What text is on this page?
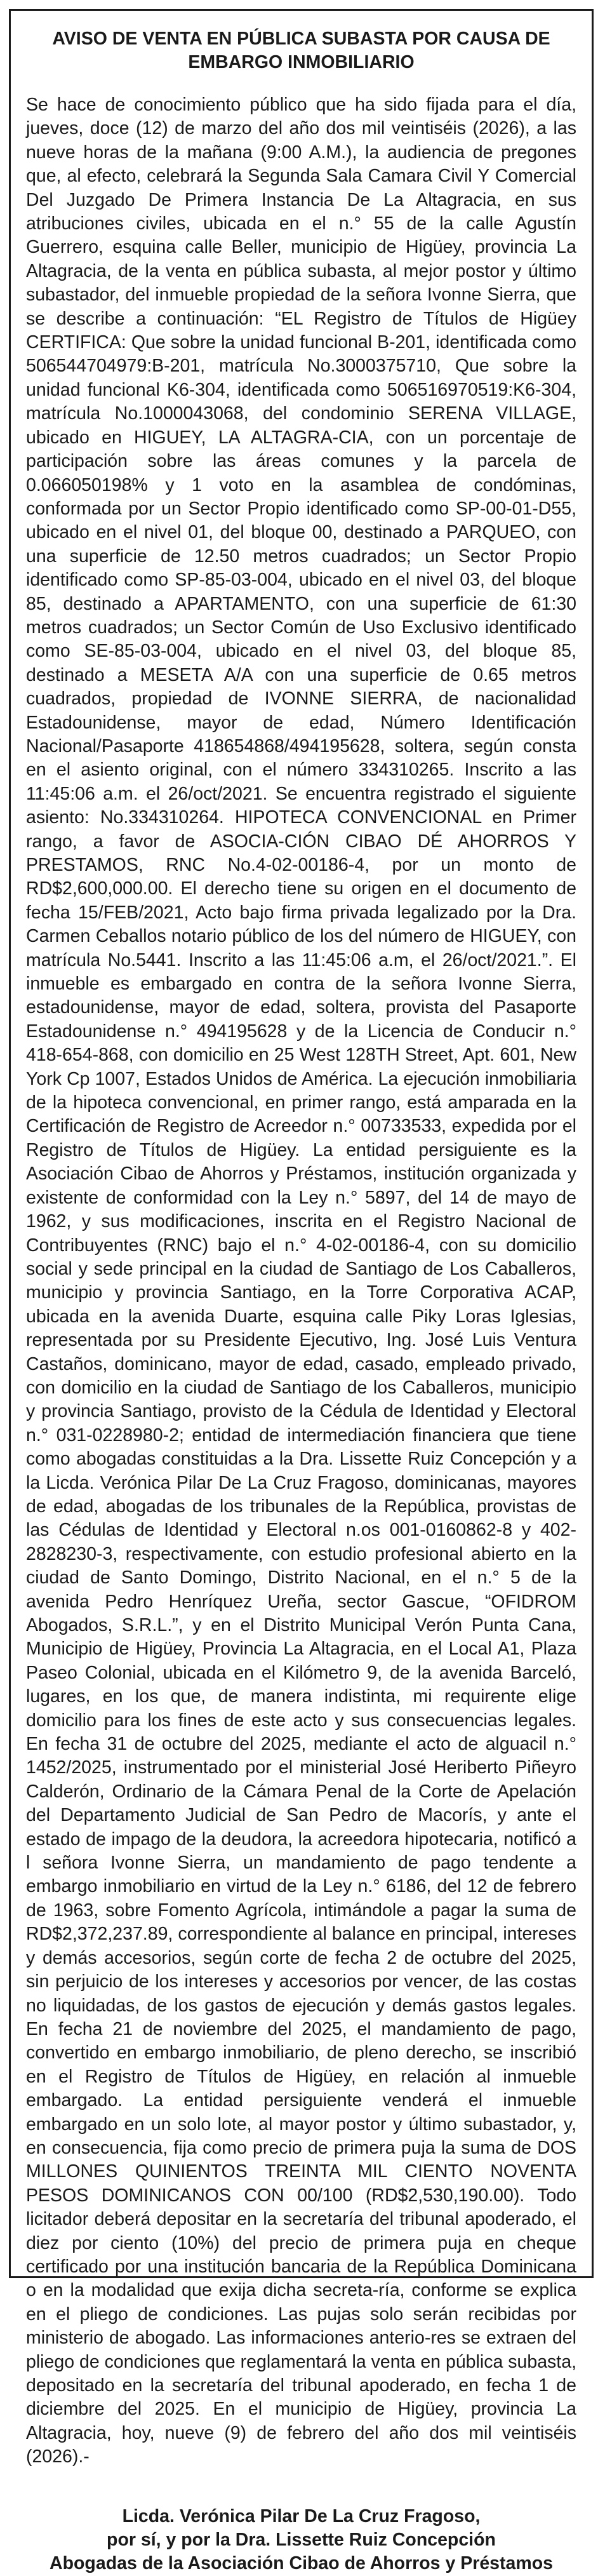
AVISO DE VENTA EN PÚBLICA SUBASTA POR CAUSA DE
EMBARGO INMOBILIARIO

Se hace de conocimiento público que ha sido fijada para el día, jueves, doce (12) de marzo del año dos mil veintiséis (2026), a las nueve horas de la mañana (9:00 A.M.), la audiencia de pregones que, al efecto, celebrará la Segunda Sala Camara Civil Y Comercial Del Juzgado De Primera Instancia De La Altagracia, en sus atribuciones civiles, ubicada en el n.° 55 de la calle Agustín Guerrero, esquina calle Beller, municipio de Higüey, provincia La Altagracia, de la venta en pública subasta, al mejor postor y último subastador, del inmueble propiedad de la señora Ivonne Sierra, que se describe a continuación: “EL Registro de Títulos de Higüey CERTIFICA: Que sobre la unidad funcional B-201, identificada como 506544704979:B-201, matrícula No.3000375710, Que sobre la unidad funcional K6-304, identificada como 506516970519:K6-304, matrícula No.1000043068, del condominio SERENA VILLAGE, ubicado en HIGUEY, LA ALTAGRA-CIA, con un porcentaje de participación sobre las áreas comunes y la parcela de 0.066050198% y 1 voto en la asamblea de condóminas, conformada por un Sector Propio identificado como SP-00-01-D55, ubicado en el nivel 01, del bloque 00, destinado a PARQUEO, con una superficie de 12.50 metros cuadrados; un Sector Propio identificado como SP-85-03-004, ubicado en el nivel 03, del bloque 85, destinado a APARTAMENTO, con una superficie de 61:30 metros cuadrados; un Sector Común de Uso Exclusivo identificado como SE-85-03-004, ubicado en el nivel 03, del bloque 85, destinado a MESETA A/A con una superficie de 0.65 metros cuadrados, propiedad de IVONNE SIERRA, de nacionalidad Estadounidense, mayor de edad, Número Identificación Nacional/Pasaporte 418654868/494195628, soltera, según consta en el asiento original, con el número 334310265. Inscrito a las 11:45:06 a.m. el 26/oct/2021. Se encuentra registrado el siguiente asiento: No.334310264. HIPOTECA CONVENCIONAL en Primer rango, a favor de ASOCIA-CIÓN CIBAO DÉ AHORROS Y PRESTAMOS, RNC No.4-02-00186-4, por un monto de RD$2,600,000.00. El derecho tiene su origen en el documento de fecha 15/FEB/2021, Acto bajo firma privada legalizado por la Dra. Carmen Ceballos notario público de los del número de HIGUEY, con matrícula No.5441. Inscrito a las 11:45:06 a.m, el 26/oct/2021.”. El inmueble es embargado en contra de la señora Ivonne Sierra, estadounidense, mayor de edad, soltera, provista del Pasaporte Estadounidense n.° 494195628 y de la Licencia de Conducir n.° 418-654-868, con domicilio en 25 West 128TH Street, Apt. 601, New York Cp 1007, Estados Unidos de América. La ejecución inmobiliaria de la hipoteca convencional, en primer rango, está amparada en la Certificación de Registro de Acreedor n.° 00733533, expedida por el Registro de Títulos de Higüey. La entidad persiguiente es la Asociación Cibao de Ahorros y Préstamos, institución organizada y existente de conformidad con la Ley n.° 5897, del 14 de mayo de 1962, y sus modificaciones, inscrita en el Registro Nacional de Contribuyentes (RNC) bajo el n.° 4-02-00186-4, con su domicilio social y sede principal en la ciudad de Santiago de Los Caballeros, municipio y provincia Santiago, en la Torre Corporativa ACAP, ubicada en la avenida Duarte, esquina calle Piky Loras Iglesias, representada por su Presidente Ejecutivo, Ing. José Luis Ventura Castaños, dominicano, mayor de edad, casado, empleado privado, con domicilio en la ciudad de Santiago de los Caballeros, municipio y provincia Santiago, provisto de la Cédula de Identidad y Electoral n.° 031-0228980-2; entidad de intermediación financiera que tiene como abogadas constituidas a la Dra. Lissette Ruiz Concepción y a la Licda. Verónica Pilar De La Cruz Fragoso, dominicanas, mayores de edad, abogadas de los tribunales de la República, provistas de las Cédulas de Identidad y Electoral n.os 001-0160862-8 y 402-2828230-3, respectivamente, con estudio profesional abierto en la ciudad de Santo Domingo, Distrito Nacional, en el n.° 5 de la avenida Pedro Henríquez Ureña, sector Gascue, “OFIDROM Abogados, S.R.L.”, y en el Distrito Municipal Verón Punta Cana, Municipio de Higüey, Provincia La Altagracia, en el Local A1, Plaza Paseo Colonial, ubicada en el Kilómetro 9, de la avenida Barceló, lugares, en los que, de manera indistinta, mi requirente elige domicilio para los fines de este acto y sus consecuencias legales. En fecha 31 de octubre del 2025, mediante el acto de alguacil n.° 1452/2025, instrumentado por el ministerial José Heriberto Piñeyro Calderón, Ordinario de la Cámara Penal de la Corte de Apelación del Departamento Judicial de San Pedro de Macorís, y ante el estado de impago de la deudora, la acreedora hipotecaria, notificó a l señora Ivonne Sierra, un mandamiento de pago tendente a embargo inmobiliario en virtud de la Ley n.° 6186, del 12 de febrero de 1963, sobre Fomento Agrícola, intimándole a pagar la suma de RD$2,372,237.89, correspondiente al balance en principal, intereses y demás accesorios, según corte de fecha 2 de octubre del 2025, sin perjuicio de los intereses y accesorios por vencer, de las costas no liquidadas, de los gastos de ejecución y demás gastos legales. En fecha 21 de noviembre del 2025, el mandamiento de pago, convertido en embargo inmobiliario, de pleno derecho, se inscribió en el Registro de Títulos de Higüey, en relación al inmueble embargado. La entidad persiguiente venderá el inmueble embargado en un solo lote, al mayor postor y último subastador, y, en consecuencia, fija como precio de primera puja la suma de DOS MILLONES QUINIENTOS TREINTA MIL CIENTO NOVENTA PESOS DOMINICANOS CON 00/100 (RD$2,530,190.00). Todo licitador deberá depositar en la secretaría del tribunal apoderado, el diez por ciento (10%) del precio de primera puja en cheque certificado por una institución bancaria de la República Dominicana o en la modalidad que exija dicha secreta-ría, conforme se explica en el pliego de condiciones. Las pujas solo serán recibidas por ministerio de abogado. Las informaciones anterio-res se extraen del pliego de condiciones que reglamentará la venta en pública subasta, depositado en la secretaría del tribunal apoderado, en fecha 1 de diciembre del 2025. En el municipio de Higüey, provincia La Altagracia, hoy, nueve (9) de febrero del año dos mil veintiséis (2026).-

Licda. Verónica Pilar De La Cruz Fragoso,
por sí, y por la Dra. Lissette Ruiz Concepción
Abogadas de la Asociación Cibao de Ahorros y Préstamos
